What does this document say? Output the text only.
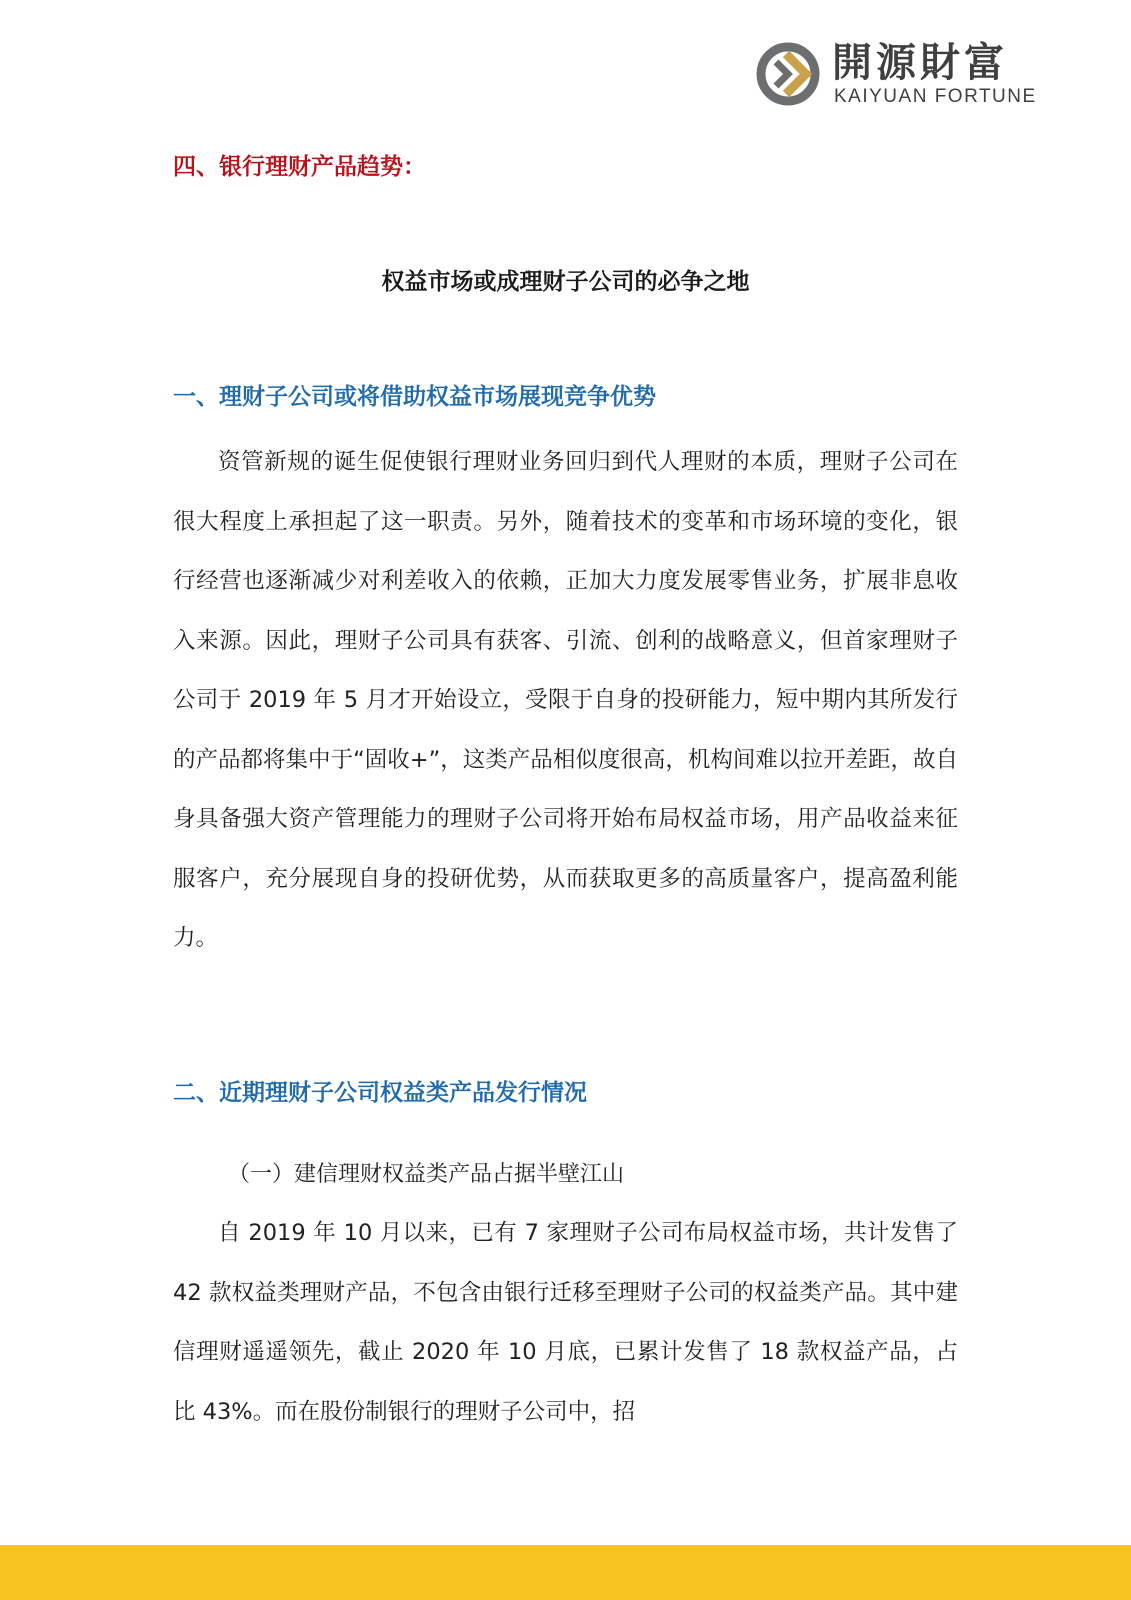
開源財富
KAIYUAN FORTUNE
四、银行理财产品趋势：
权益市场或成理财子公司的必争之地
一、理财子公司或将借助权益市场展现竞争优势

资管新规的诞生促使银行理财业务回归到代人理财的本质，理财子公司在很大程度上承担起了这一职责。另外，随着技术的变革和市场环境的变化，银行经营也逐渐减少对利差收入的依赖，正加大力度发展零售业务，扩展非息收入来源。因此，理财子公司具有获客、引流、创利的战略意义，但首家理财子公司于 2019 年 5 月才开始设立，受限于自身的投研能力，短中期内其所发行的产品都将集中于“固收+”，这类产品相似度很高，机构间难以拉开差距，故自身具备强大资产管理能力的理财子公司将开始布局权益市场，用产品收益来征服客户，充分展现自身的投研优势，从而获取更多的高质量客户，提高盈利能力。

二、近期理财子公司权益类产品发行情况
（一）建信理财权益类产品占据半壁江山

自 2019 年 10 月以来，已有 7 家理财子公司布局权益市场，共计发售了 42 款权益类理财产品，不包含由银行迁移至理财子公司的权益类产品。其中建信理财遥遥领先，截止 2020 年 10 月底，已累计发售了 18 款权益产品，占比 43%。而在股份制银行的理财子公司中，招
